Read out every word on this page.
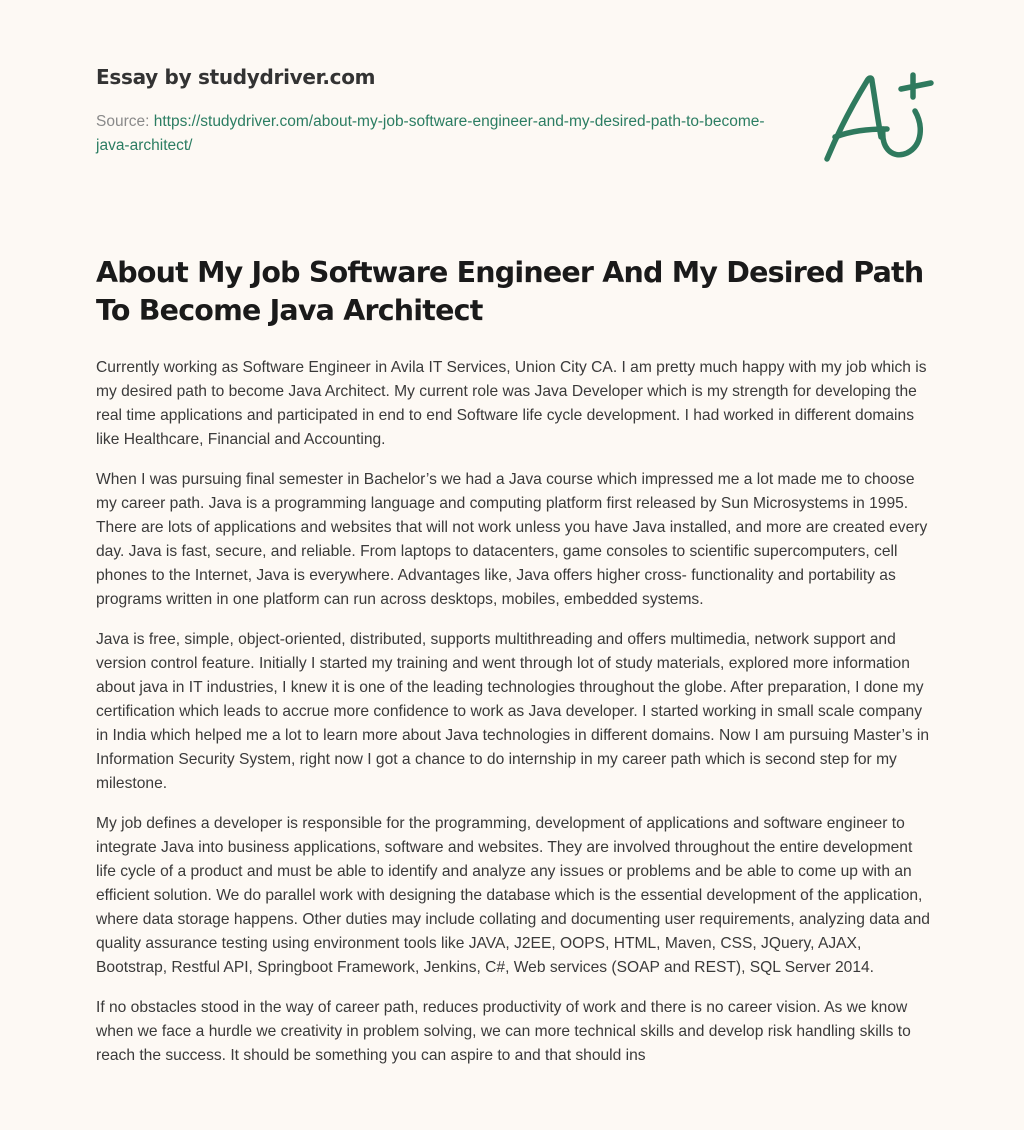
Essay by studydriver.com
Source: https://studydriver.com/about-my-job-software-engineer-and-my-desired-path-to-become-java-architect/
About My Job Software Engineer And My Desired Path To Become Java Architect

Currently working as Software Engineer in Avila IT Services, Union City CA. I am pretty much happy with my job which is my desired path to become Java Architect. My current role was Java Developer which is my strength for developing the real time applications and participated in end to end Software life cycle development. I had worked in different domains like Healthcare, Financial and Accounting.

When I was pursuing final semester in Bachelor’s we had a Java course which impressed me a lot made me to choose my career path. Java is a programming language and computing platform first released by Sun Microsystems in 1995. There are lots of applications and websites that will not work unless you have Java installed, and more are created every day. Java is fast, secure, and reliable. From laptops to datacenters, game consoles to scientific supercomputers, cell phones to the Internet, Java is everywhere. Advantages like, Java offers higher cross- functionality and portability as programs written in one platform can run across desktops, mobiles, embedded systems.

Java is free, simple, object-oriented, distributed, supports multithreading and offers multimedia, network support and version control feature. Initially I started my training and went through lot of study materials, explored more information about java in IT industries, I knew it is one of the leading technologies throughout the globe. After preparation, I done my certification which leads to accrue more confidence to work as Java developer. I started working in small scale company in India which helped me a lot to learn more about Java technologies in different domains. Now I am pursuing Master’s in Information Security System, right now I got a chance to do internship in my career path which is second step for my milestone.

My job defines a developer is responsible for the programming, development of applications and software engineer to integrate Java into business applications, software and websites. They are involved throughout the entire development life cycle of a product and must be able to identify and analyze any issues or problems and be able to come up with an efficient solution. We do parallel work with designing the database which is the essential development of the application, where data storage happens. Other duties may include collating and documenting user requirements, analyzing data and quality assurance testing using environment tools like JAVA, J2EE, OOPS, HTML, Maven, CSS, JQuery, AJAX, Bootstrap, Restful API, Springboot Framework, Jenkins, C#, Web services (SOAP and REST), SQL Server 2014.

If no obstacles stood in the way of career path, reduces productivity of work and there is no career vision. As we know when we face a hurdle we creativity in problem solving, we can more technical skills and develop risk handling skills to reach the success. It should be something you can aspire to and that should ins
